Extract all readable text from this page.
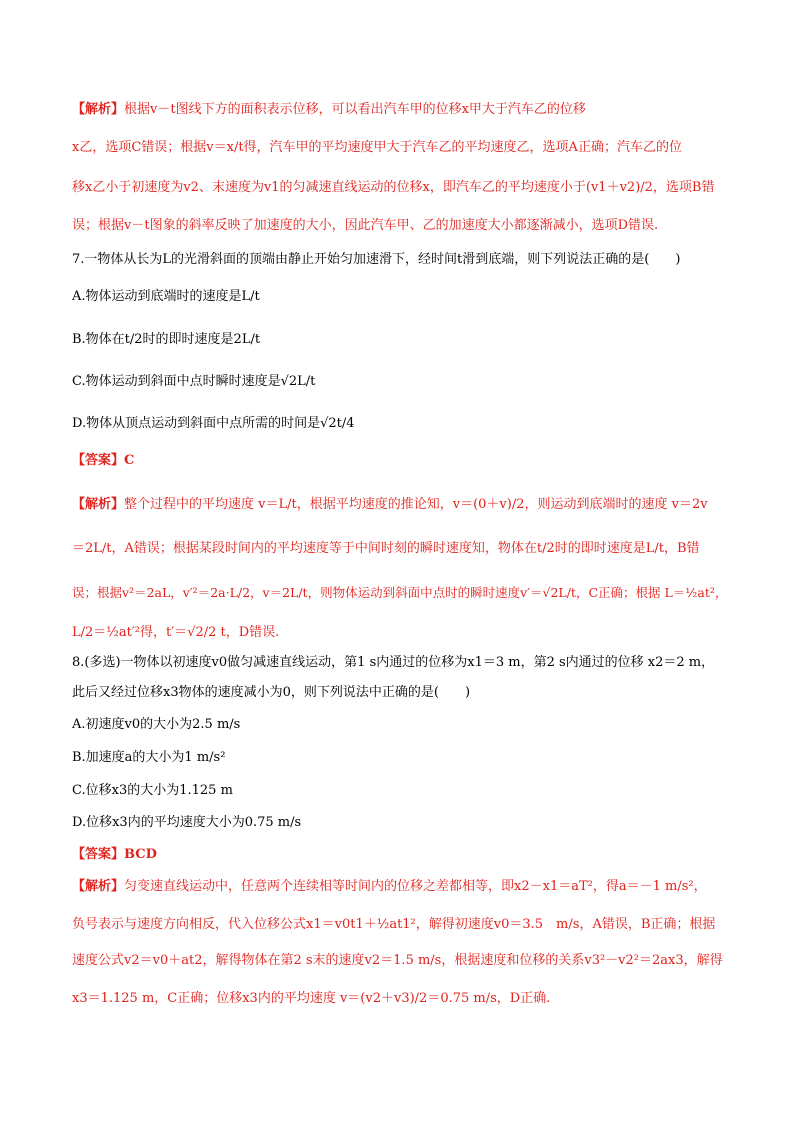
【解析】根据v－t图线下方的面积表示位移，可以看出汽车甲的位移x甲大于汽车乙的位移
x乙，选项C错误；根据v＝x/t得，汽车甲的平均速度甲大于汽车乙的平均速度乙，选项A正确；汽车乙的位
移x乙小于初速度为v2、末速度为v1的匀减速直线运动的位移x，即汽车乙的平均速度小于(v1＋v2)/2，选项B错
误；根据v－t图象的斜率反映了加速度的大小，因此汽车甲、乙的加速度大小都逐渐减小，选项D错误.
7.一物体从长为L的光滑斜面的顶端由静止开始匀加速滑下，经时间t滑到底端，则下列说法正确的是(　　)
A.物体运动到底端时的速度是L/t
B.物体在t/2时的即时速度是2L/t
C.物体运动到斜面中点时瞬时速度是√2L/t
D.物体从顶点运动到斜面中点所需的时间是√2t/4
【答案】C
【解析】整个过程中的平均速度 v＝L/t，根据平均速度的推论知，v＝(0＋v)/2，则运动到底端时的速度 v＝2v
＝2L/t，A错误；根据某段时间内的平均速度等于中间时刻的瞬时速度知，物体在t/2时的即时速度是L/t，B错
误；根据v²＝2aL，v′²＝2a·L/2，v＝2L/t，则物体运动到斜面中点时的瞬时速度v′＝√2L/t，C正确；根据 L＝½at²，
L/2＝½at′²得，t′＝√2/2 t，D错误.
8.(多选)一物体以初速度v0做匀减速直线运动，第1 s内通过的位移为x1＝3 m，第2 s内通过的位移 x2＝2 m，
此后又经过位移x3物体的速度减小为0，则下列说法中正确的是(　　)
A.初速度v0的大小为2.5 m/s
B.加速度a的大小为1 m/s²
C.位移x3的大小为1.125 m
D.位移x3内的平均速度大小为0.75 m/s
【答案】BCD
【解析】匀变速直线运动中，任意两个连续相等时间内的位移之差都相等，即x2－x1＝aT²，得a＝－1 m/s²，
负号表示与速度方向相反，代入位移公式x1＝v0t1＋½at1²，解得初速度v0＝3.5　m/s，A错误，B正确；根据
速度公式v2＝v0＋at2，解得物体在第2 s末的速度v2＝1.5 m/s，根据速度和位移的关系v3²－v2²＝2ax3，解得
x3＝1.125 m，C正确；位移x3内的平均速度 v＝(v2＋v3)/2＝0.75 m/s，D正确.
